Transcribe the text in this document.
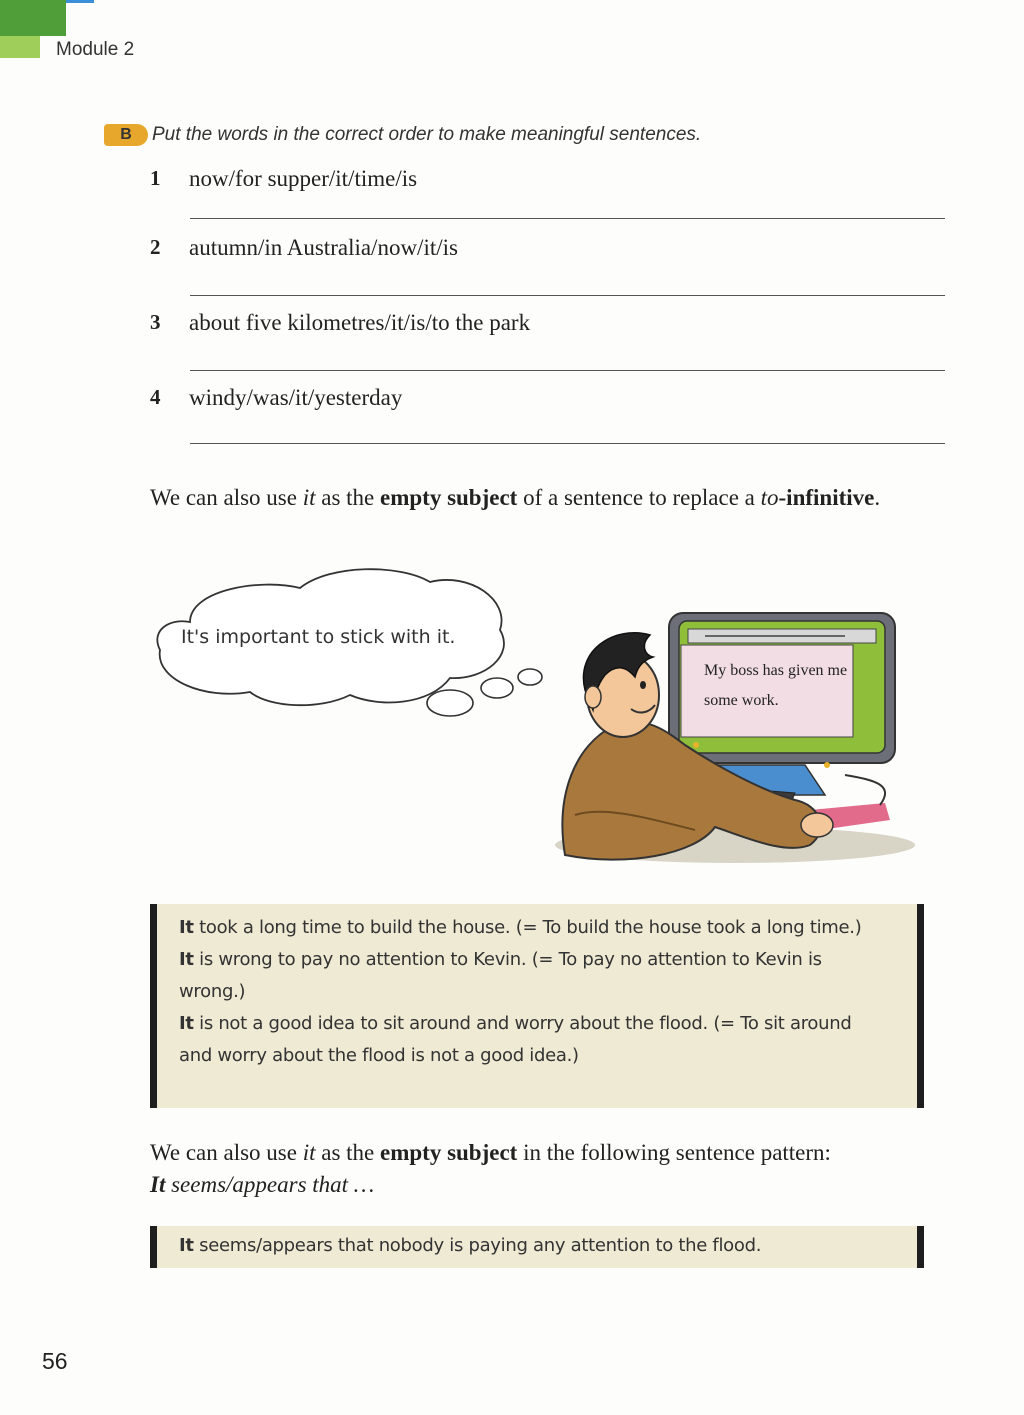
Module 2
B	Put the words in the correct order to make meaningful sentences.
1 now/for supper/it/time/is
2 autumn/in Australia/now/it/is
3 about five kilometres/it/is/to the park
4 windy/was/it/yesterday
We can also use it as the empty subject of a sentence to replace a to-infinitive.
It's important to stick with it.
My boss has given me some work.
It took a long time to build the house. (= To build the house took a long time.)
It is wrong to pay no attention to Kevin. (= To pay no attention to Kevin is wrong.)
It is not a good idea to sit around and worry about the flood. (= To sit around and worry about the flood is not a good idea.)
We can also use it as the empty subject in the following sentence pattern:
It seems/appears that …
It seems/appears that nobody is paying any attention to the flood.
56
